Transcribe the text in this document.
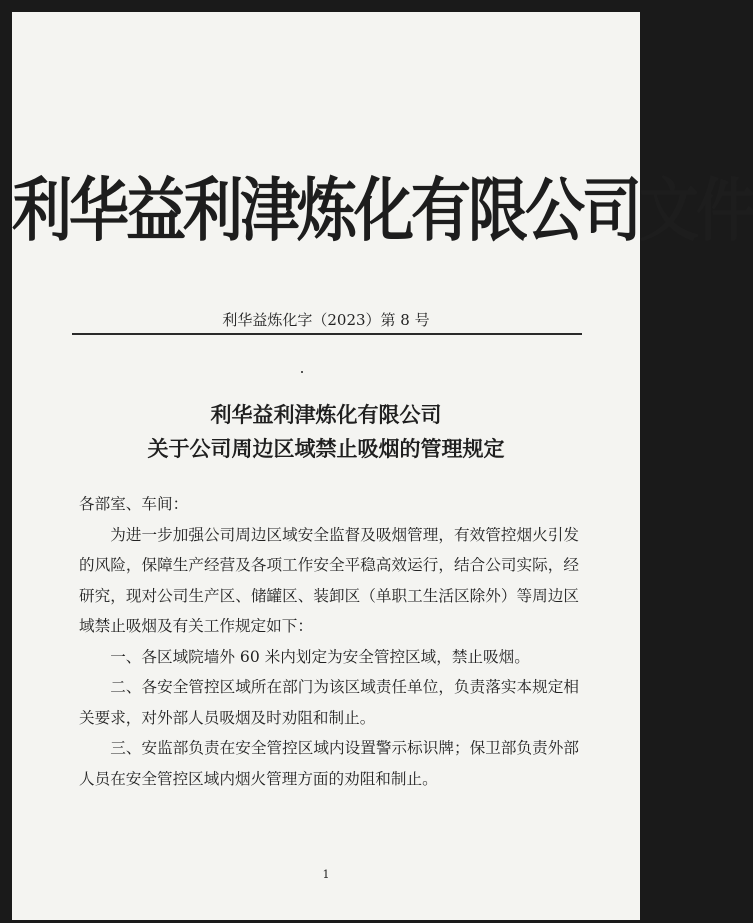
利华益利津炼化有限公司文件
利华益炼化字（2023）第 8 号
利华益利津炼化有限公司
关于公司周边区域禁止吸烟的管理规定

各部室、车间：

为进一步加强公司周边区域安全监督及吸烟管理，有效管控烟火引发的风险，保障生产经营及各项工作安全平稳高效运行，结合公司实际，经研究，现对公司生产区、储罐区、装卸区（单职工生活区除外）等周边区域禁止吸烟及有关工作规定如下：

一、各区域院墙外 60 米内划定为安全管控区域，禁止吸烟。

二、各安全管控区域所在部门为该区域责任单位，负责落实本规定相关要求，对外部人员吸烟及时劝阻和制止。

三、安监部负责在安全管控区域内设置警示标识牌；保卫部负责外部人员在安全管控区域内烟火管理方面的劝阻和制止。

1
